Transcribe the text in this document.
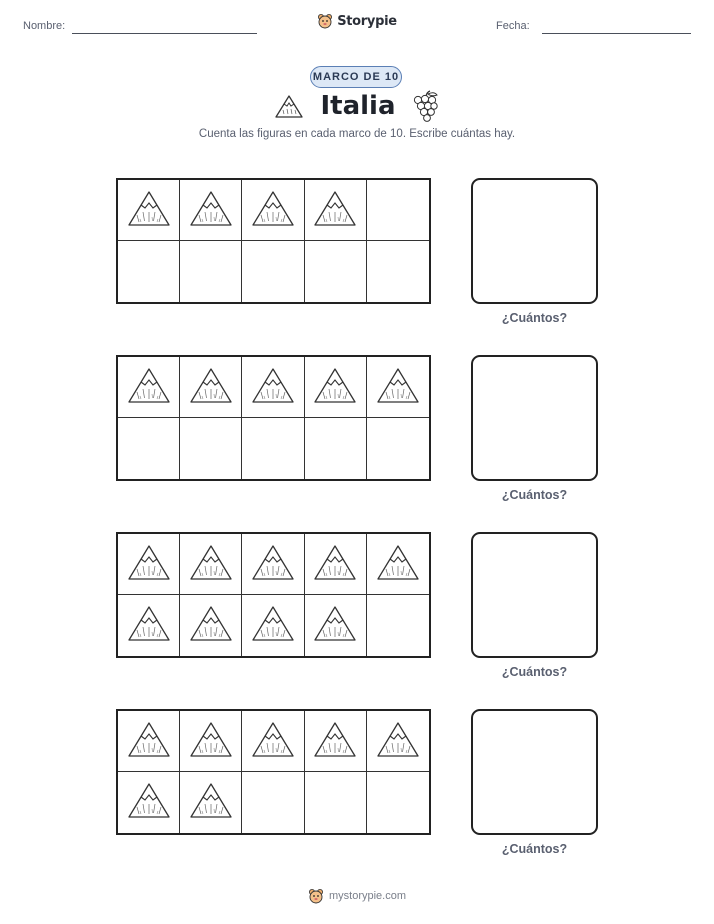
Nombre:	Storypie	Fecha:
MARCO DE 10
Italia
Cuenta las figuras en cada marco de 10. Escribe cuántas hay.
¿Cuántos?
¿Cuántos?
¿Cuántos?
¿Cuántos?
mystorypie.com
